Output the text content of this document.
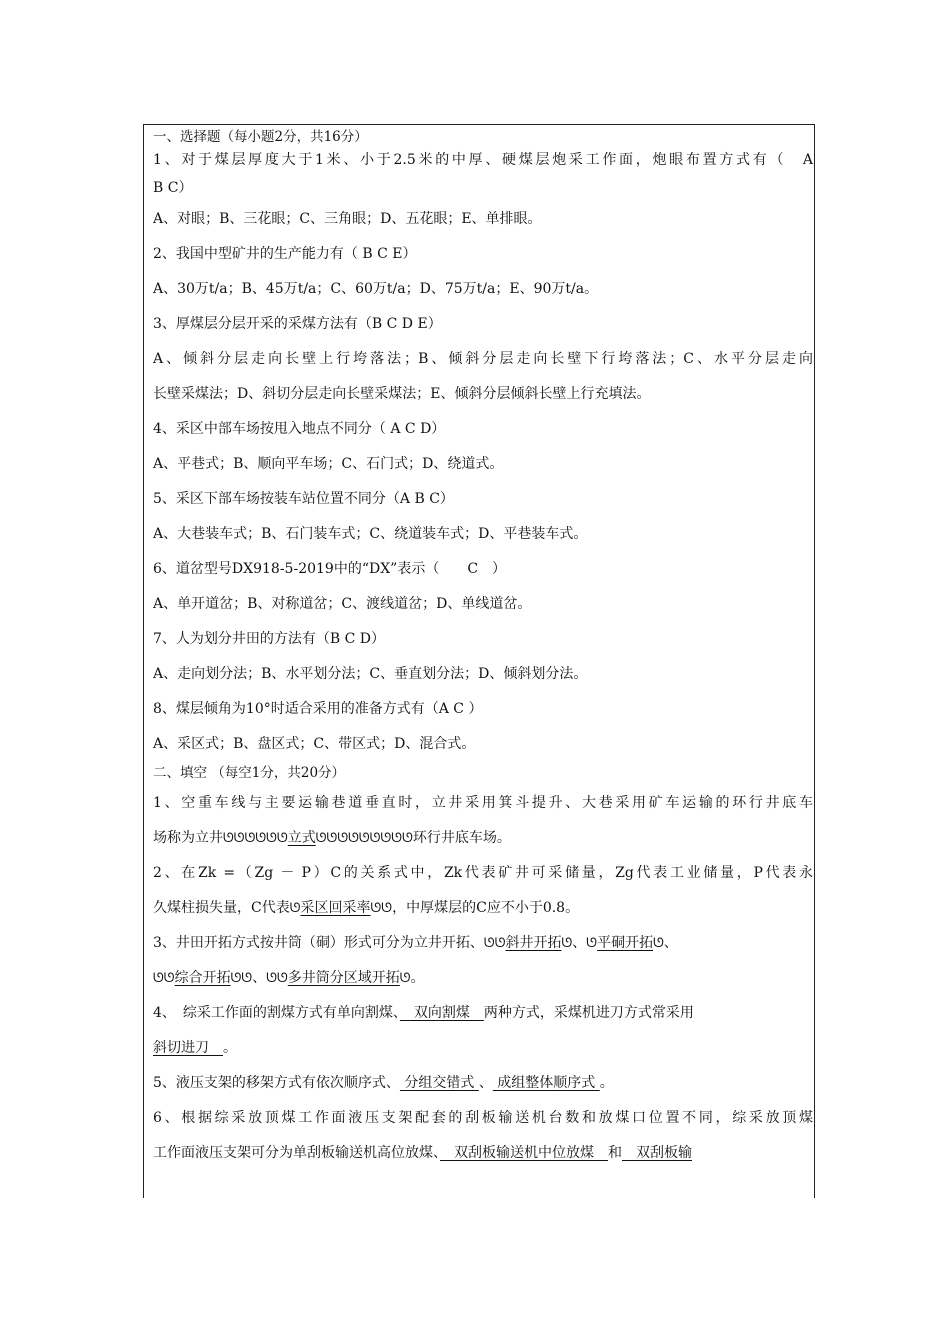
一、选择题（每小题2分，共16分）
1、对于煤层厚度大于1米、小于2.5米的中厚、硬煤层炮采工作面，炮眼布置方式有（　A
B C）
A、对眼；B、三花眼；C、三角眼；D、五花眼；E、单排眼。
2、我国中型矿井的生产能力有（ B C E）
A、30万t/a；B、45万t/a；C、60万t/a；D、75万t/a；E、90万t/a。
3、厚煤层分层开采的采煤方法有（B C D E）
A、倾斜分层走向长壁上行垮落法；B、倾斜分层走向长壁下行垮落法；C、水平分层走向
长壁采煤法；D、斜切分层走向长壁采煤法；E、倾斜分层倾斜长壁上行充填法。
4、采区中部车场按甩入地点不同分（ A C D）
A、平巷式；B、顺向平车场；C、石门式；D、绕道式。
5、采区下部车场按装车站位置不同分（A B C）
A、大巷装车式；B、石门装车式；C、绕道装车式；D、平巷装车式。
6、道岔型号DX918-5-2019中的“DX”表示（　　C　）
A、单开道岔；B、对称道岔；C、渡线道岔；D、单线道岔。
7、人为划分井田的方法有（B C D）
A、走向划分法；B、水平划分法；C、垂直划分法；D、倾斜划分法。
8、煤层倾角为10°时适合采用的准备方式有（A C ）
A、采区式；B、盘区式；C、带区式；D、混合式。
二、填空 （每空1分，共20分）
1、空重车线与主要运输巷道垂直时，立井采用箕斗提升、大巷采用矿车运输的环行井底车
场称为立井ᘎᘎᘎᘎᘎᘎ立式ᘎᘎᘎᘎᘎᘎᘎᘎᘎ环行井底车场。
2、在Zk =（Zg － P）C的关系式中，Zk代表矿井可采储量，Zg代表工业储量，P代表永
久煤柱损失量，C代表ᘎ采区回采率ᘎᘎ，中厚煤层的C应不小于0.8。
3、井田开拓方式按井筒（硐）形式可分为立井开拓、ᘎᘎ斜井开拓ᘎ、ᘎ平硐开拓ᘎ、
ᘎᘎ综合开拓ᘎᘎ、ᘎᘎ多井筒分区域开拓ᘎ。
4、　综采工作面的割煤方式有单向割煤、　双向割煤　两种方式，采煤机进刀方式常采用
斜切进刀　。
5、液压支架的移架方式有依次顺序式、 分组交错式 、 成组整体顺序式 。
6、根据综采放顶煤工作面液压支架配套的刮板输送机台数和放煤口位置不同，综采放顶煤
工作面液压支架可分为单刮板输送机高位放煤、　双刮板输送机中位放煤　和　双刮板输
